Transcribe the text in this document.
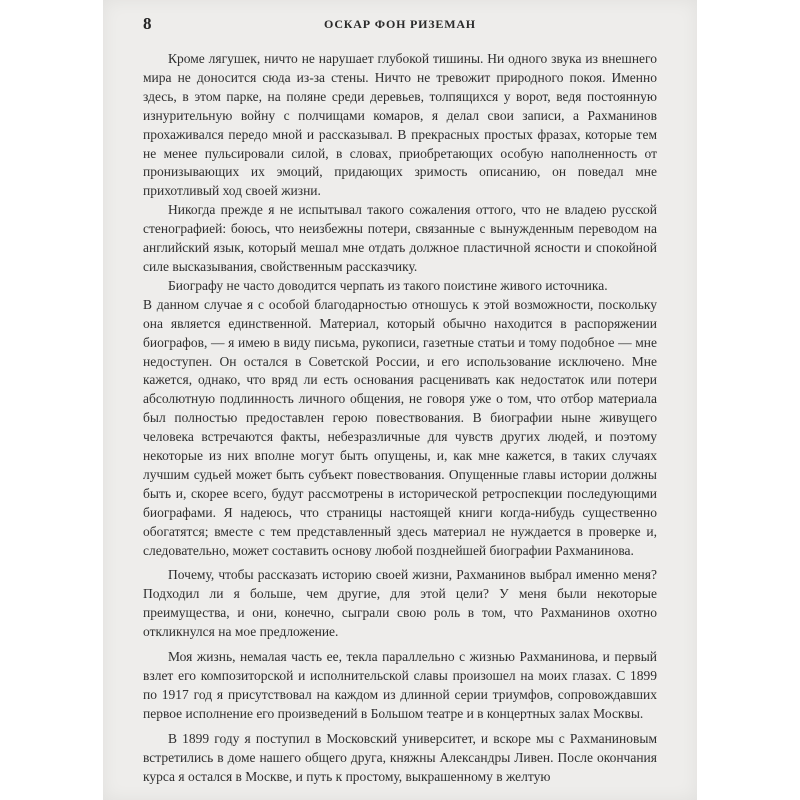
8	ОСКАР ФОН РИЗЕМАН

Кроме лягушек, ничто не нарушает глубокой тишины. Ни одного звука из внешнего мира не доносится сюда из-за стены. Ничто не тревожит природного покоя. Именно здесь, в этом парке, на поляне среди деревьев, толпящихся у ворот, ведя постоянную изнурительную войну с полчищами комаров, я делал свои записи, а Рахманинов прохаживался передо мной и рассказывал. В прекрасных простых фразах, которые тем не менее пульсировали силой, в словах, приобретающих особую наполненность от пронизывающих их эмоций, придающих зримость описанию, он поведал мне прихотливый ход своей жизни.

Никогда прежде я не испытывал такого сожаления оттого, что не владею русской стенографией: боюсь, что неизбежны потери, связанные с вынужденным переводом на английский язык, который мешал мне отдать должное пластичной ясности и спокойной силе высказывания, свойственным рассказчику.

Биографу не часто доводится черпать из такого поистине живого источника.

В данном случае я с особой благодарностью отношусь к этой возможности, поскольку она является единственной. Материал, который обычно находится в распоряжении биографов, — я имею в виду письма, рукописи, газетные статьи и тому подобное — мне недоступен. Он остался в Советской России, и его использование исключено. Мне кажется, однако, что вряд ли есть основания расценивать как недостаток или потери абсолютную подлинность личного общения, не говоря уже о том, что отбор материала был полностью предоставлен герою повествования. В биографии ныне живущего человека встречаются факты, небезразличные для чувств других людей, и поэтому некоторые из них вполне могут быть опущены, и, как мне кажется, в таких случаях лучшим судьей может быть субъект повествования. Опущенные главы истории должны быть и, скорее всего, будут рассмотрены в исторической ретроспекции последующими биографами. Я надеюсь, что страницы настоящей книги когда-нибудь существенно обогатятся; вместе с тем представленный здесь материал не нуждается в проверке и, следовательно, может составить основу любой позднейшей биографии Рахманинова.

Почему, чтобы рассказать историю своей жизни, Рахманинов выбрал именно меня? Подходил ли я больше, чем другие, для этой цели? У меня были некоторые преимущества, и они, конечно, сыграли свою роль в том, что Рахманинов охотно откликнулся на мое предложение.

Моя жизнь, немалая часть ее, текла параллельно с жизнью Рахманинова, и первый взлет его композиторской и исполнительской славы произошел на моих глазах. С 1899 по 1917 год я присутствовал на каждом из длинной серии триумфов, сопровождавших первое исполнение его произведений в Большом театре и в концертных залах Москвы.

В 1899 году я поступил в Московский университет, и вскоре мы с Рахманиновым встретились в доме нашего общего друга, княжны Александры Ливен. После окончания курса я остался в Москве, и путь к простому, выкрашенному в желтую
